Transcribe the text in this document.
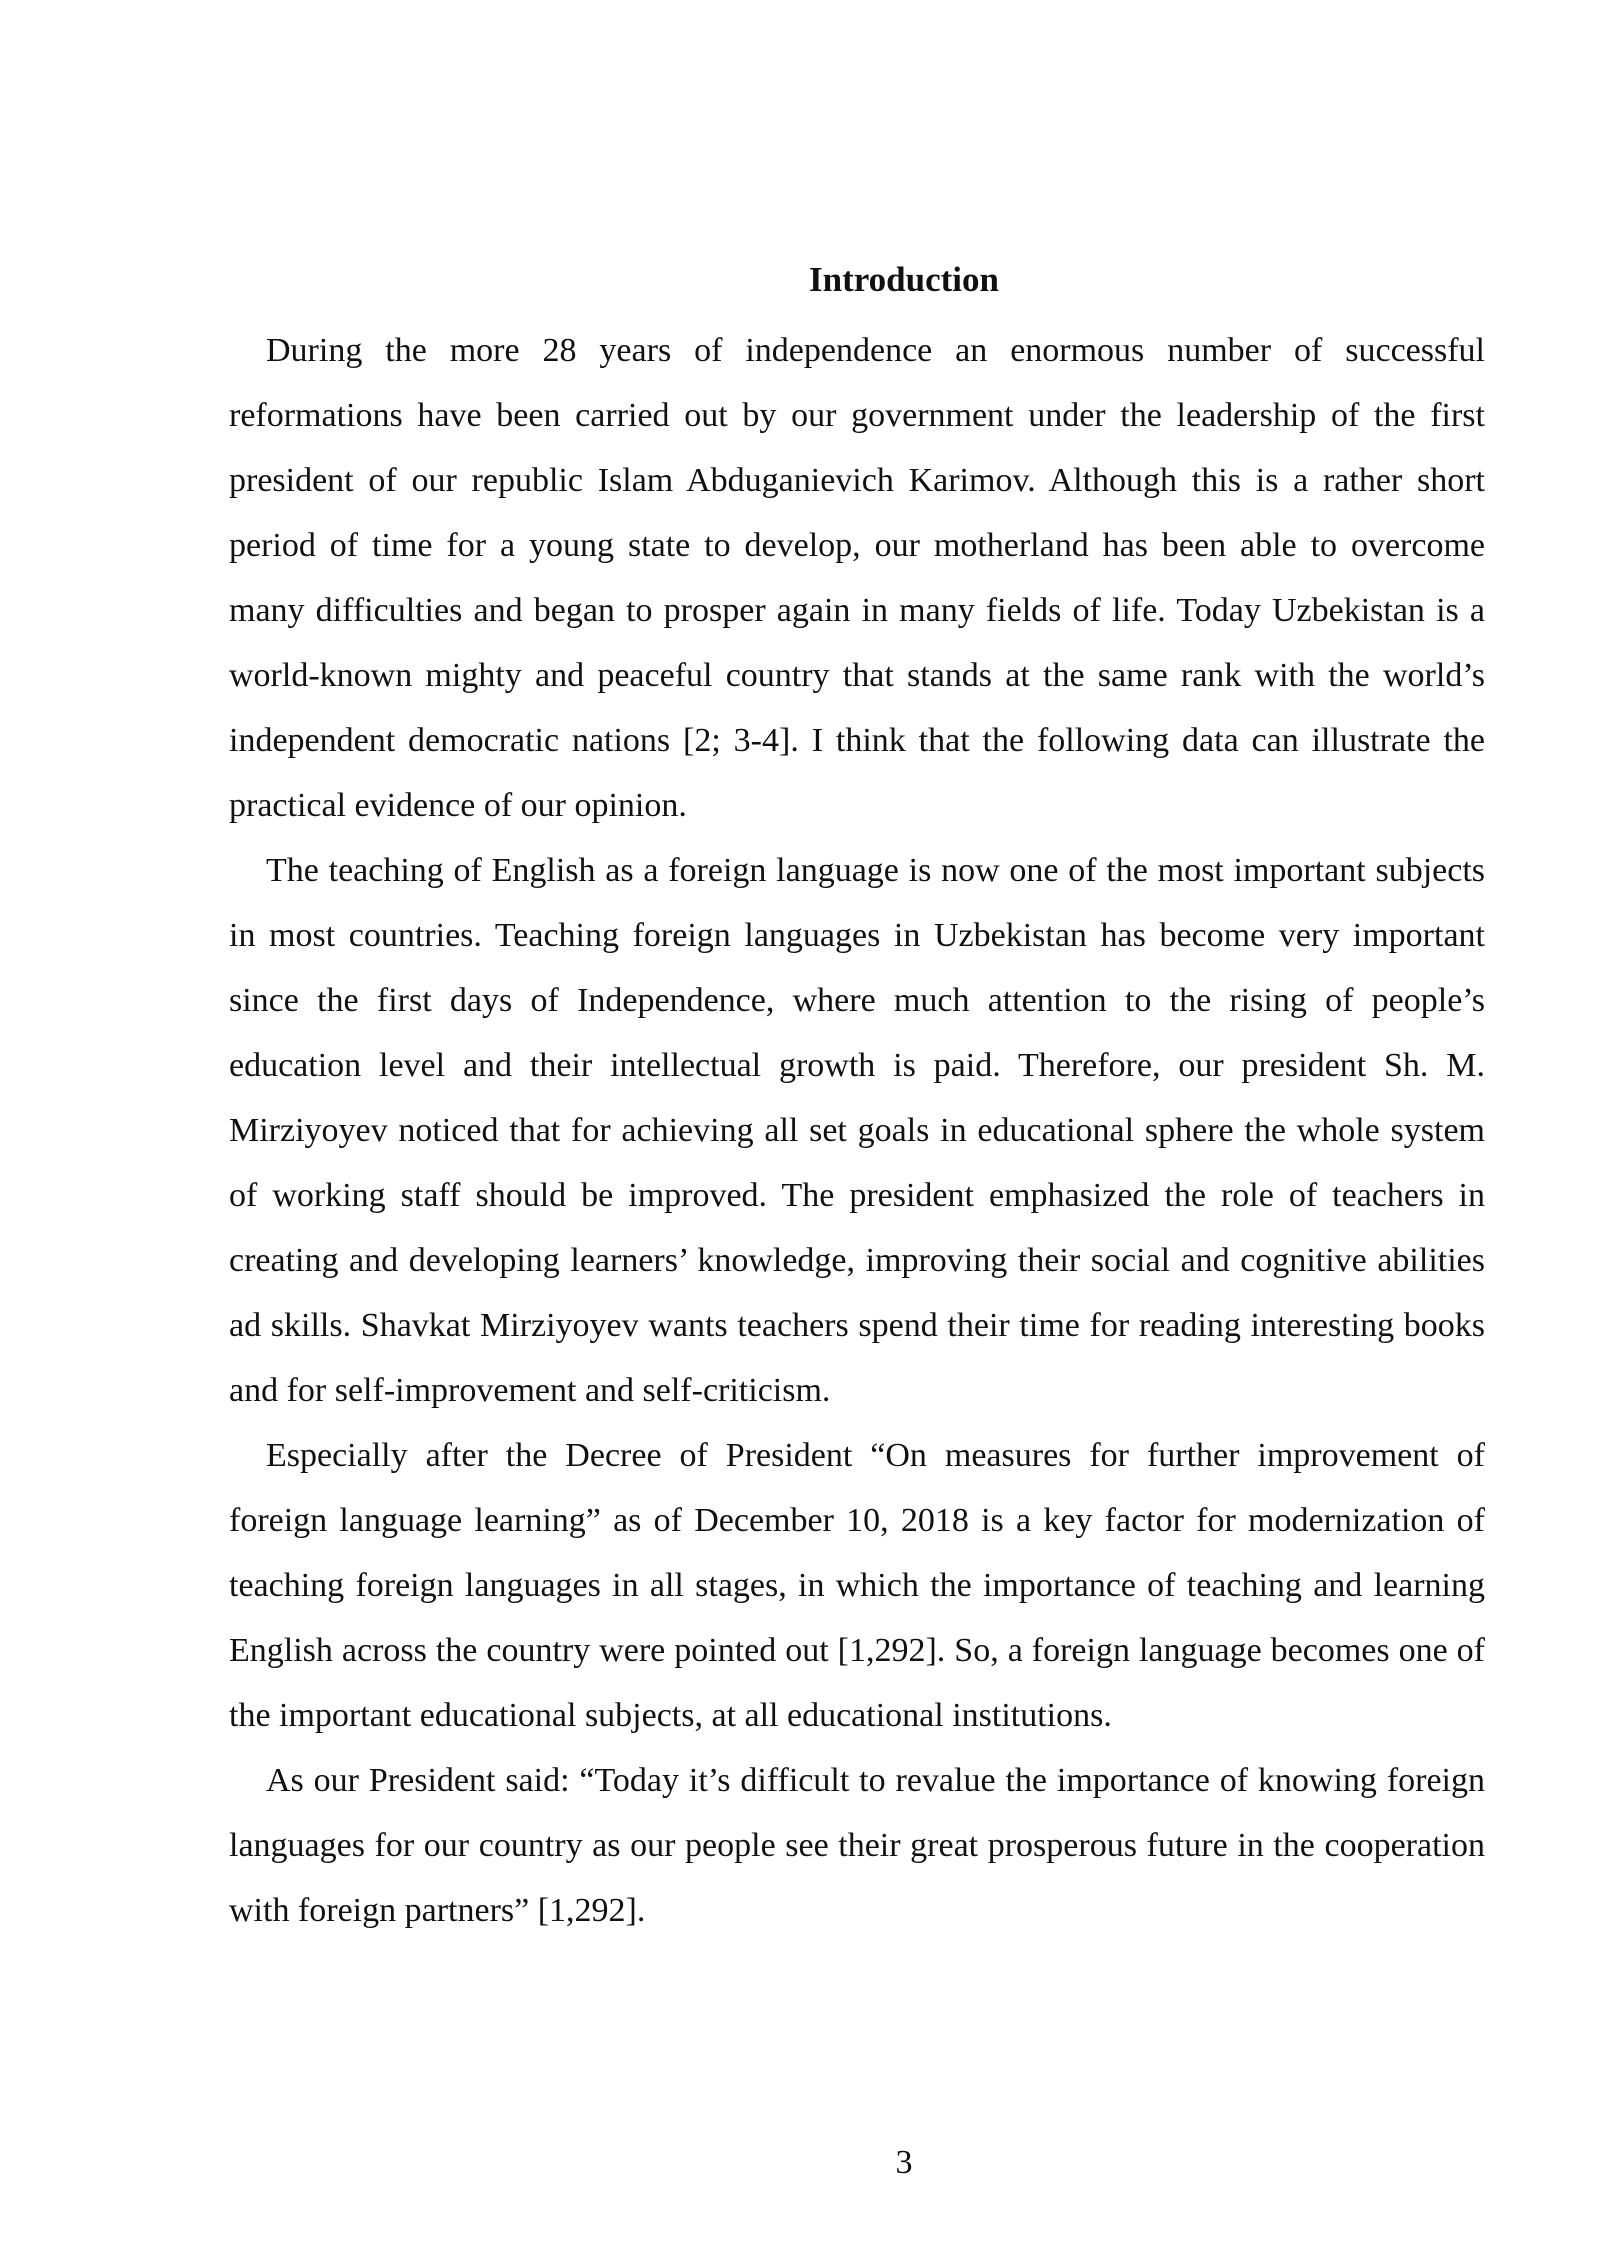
Introduction

During the more 28 years of independence an enormous number of successful reformations have been carried out by our government under the leadership of the first president of our republic Islam Abduganievich Karimov. Although this is a rather short period of time for a young state to develop, our motherland has been able to overcome many difficulties and began to prosper again in many fields of life. Today Uzbekistan is a world-known mighty and peaceful country that stands at the same rank with the world’s independent democratic nations [2; 3-4]. I think that the following data can illustrate the practical evidence of our opinion.

The teaching of English as a foreign language is now one of the most important subjects in most countries. Teaching foreign languages in Uzbekistan has become very important since the first days of Independence, where much attention to the rising of people’s education level and their intellectual growth is paid. Therefore, our president Sh. M. Mirziyoyev noticed that for achieving all set goals in educational sphere the whole system of working staff should be improved. The president emphasized the role of teachers in creating and developing learners’ knowledge, improving their social and cognitive abilities ad skills. Shavkat Mirziyoyev wants teachers spend their time for reading interesting books and for self-improvement and self-criticism.

Especially after the Decree of President “On measures for further improvement of foreign language learning” as of December 10, 2018 is a key factor for modernization of teaching foreign languages in all stages, in which the importance of teaching and learning English across the country were pointed out [1,292]. So, a foreign language becomes one of the important educational subjects, at all educational institutions.

As our President said: “Today it’s difficult to revalue the importance of knowing foreign languages for our country as our people see their great prosperous future in the cooperation with foreign partners” [1,292].

3
